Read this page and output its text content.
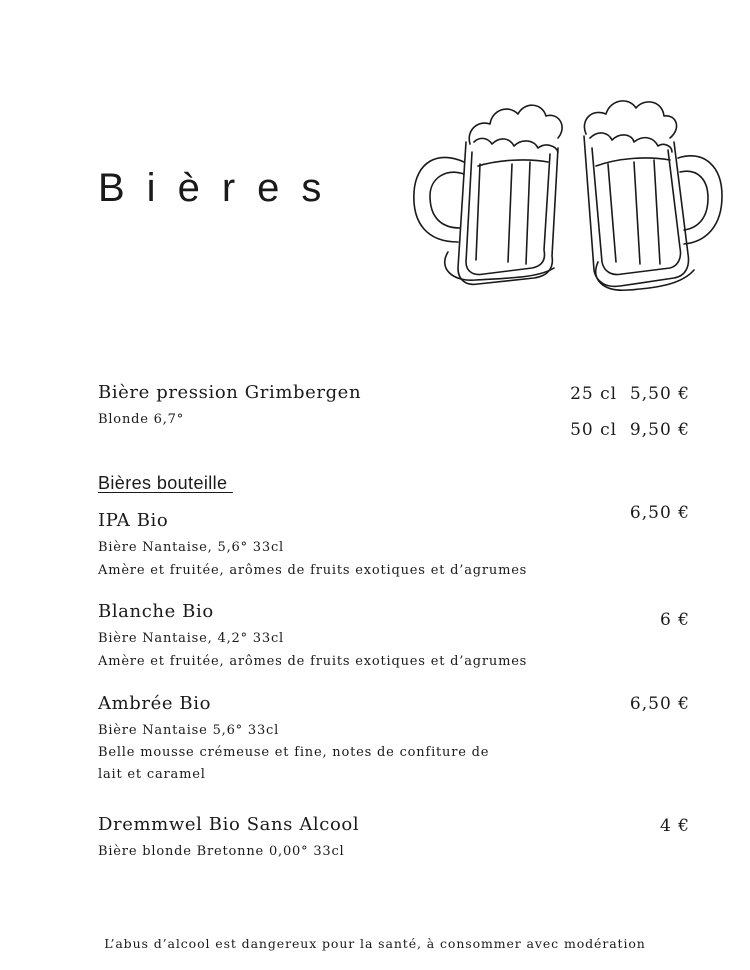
Bières
Bière pression Grimbergen
Blonde 6,7°
25 cl 5,50 €
50 cl 9,50 €
Bières bouteille
IPA Bio	6,50 €
Bière Nantaise, 5,6° 33cl
Amère et fruitée, arômes de fruits exotiques et d’agrumes
Blanche Bio	6 €
Bière Nantaise, 4,2° 33cl
Amère et fruitée, arômes de fruits exotiques et d’agrumes
Ambrée Bio	6,50 €
Bière Nantaise 5,6° 33cl
Belle mousse crémeuse et fine, notes de confiture de
lait et caramel
Dremmwel Bio Sans Alcool	4 €
Bière blonde Bretonne 0,00° 33cl
L’abus d’alcool est dangereux pour la santé, à consommer avec modération
